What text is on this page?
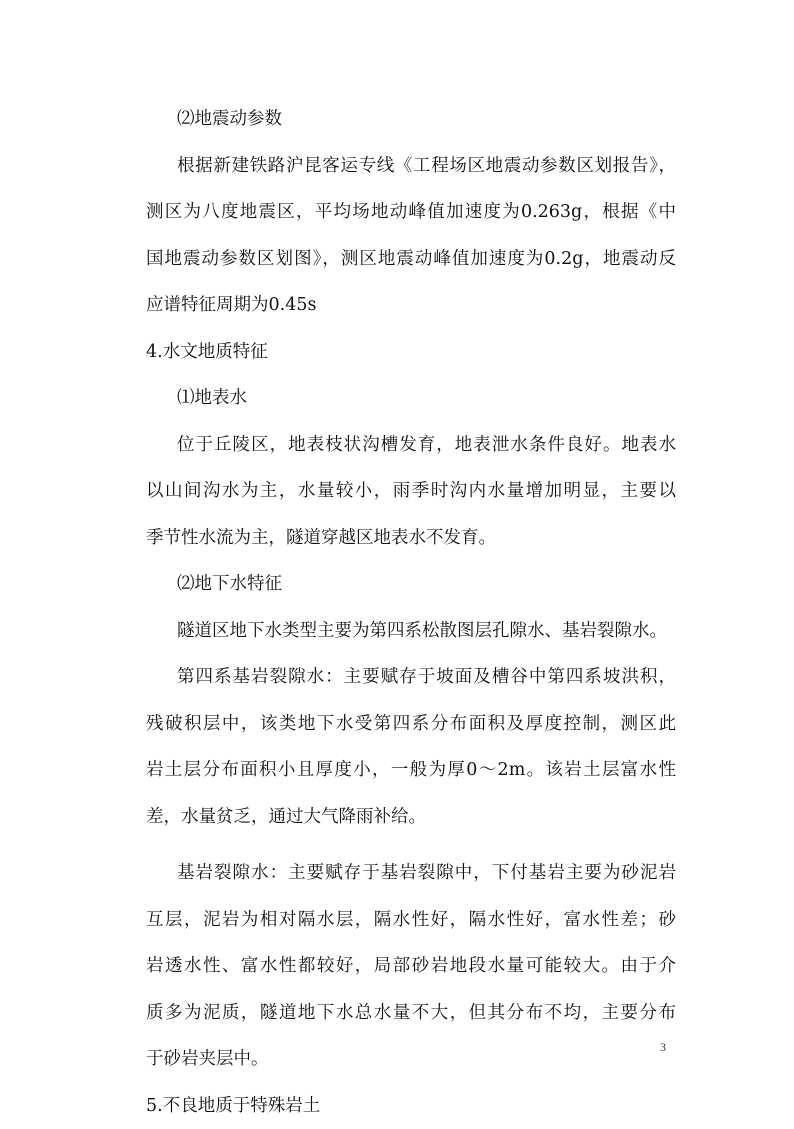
⑵地震动参数
根据新建铁路沪昆客运专线《工程场区地震动参数区划报告》，
测区为八度地震区，平均场地动峰值加速度为0.263g，根据《中
国地震动参数区划图》，测区地震动峰值加速度为0.2g，地震动反
应谱特征周期为0.45s
4.水文地质特征
⑴地表水
位于丘陵区，地表枝状沟槽发育，地表泄水条件良好。地表水
以山间沟水为主，水量较小，雨季时沟内水量增加明显，主要以
季节性水流为主，隧道穿越区地表水不发育。
⑵地下水特征
隧道区地下水类型主要为第四系松散图层孔隙水、基岩裂隙水。
第四系基岩裂隙水：主要赋存于坡面及槽谷中第四系坡洪积，
残破积层中，该类地下水受第四系分布面积及厚度控制，测区此
岩土层分布面积小且厚度小，一般为厚0～2m。该岩土层富水性
差，水量贫乏，通过大气降雨补给。
基岩裂隙水：主要赋存于基岩裂隙中，下付基岩主要为砂泥岩
互层，泥岩为相对隔水层，隔水性好，隔水性好，富水性差；砂
岩透水性、富水性都较好，局部砂岩地段水量可能较大。由于介
质多为泥质，隧道地下水总水量不大，但其分布不均，主要分布
于砂岩夹层中。
5.不良地质于特殊岩土
3
